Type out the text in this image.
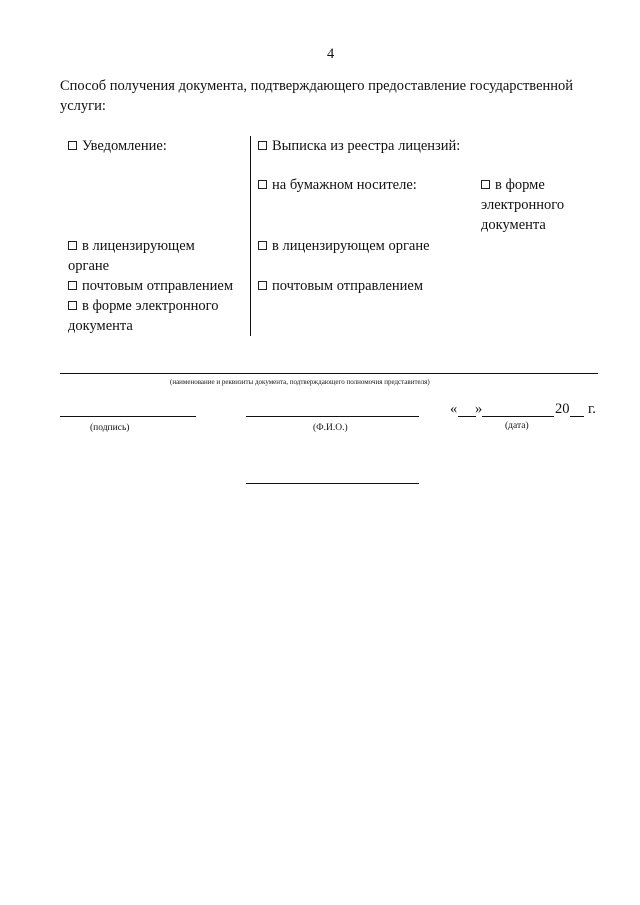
4
Способ получения документа, подтверждающего предоставление государственной
услуги:
Уведомление:
в лицензирующем
органе
почтовым отправлением
в форме электронного
документа
Выписка из реестра лицензий:
на бумажном носителе:	в форме
электронного
документа
в лицензирующем органе
почтовым отправлением
(наименование и реквизиты документа, подтверждающего полномочия представителя)
(подпись)	(Ф.И.О.)
« »	20 г.
(дата)
